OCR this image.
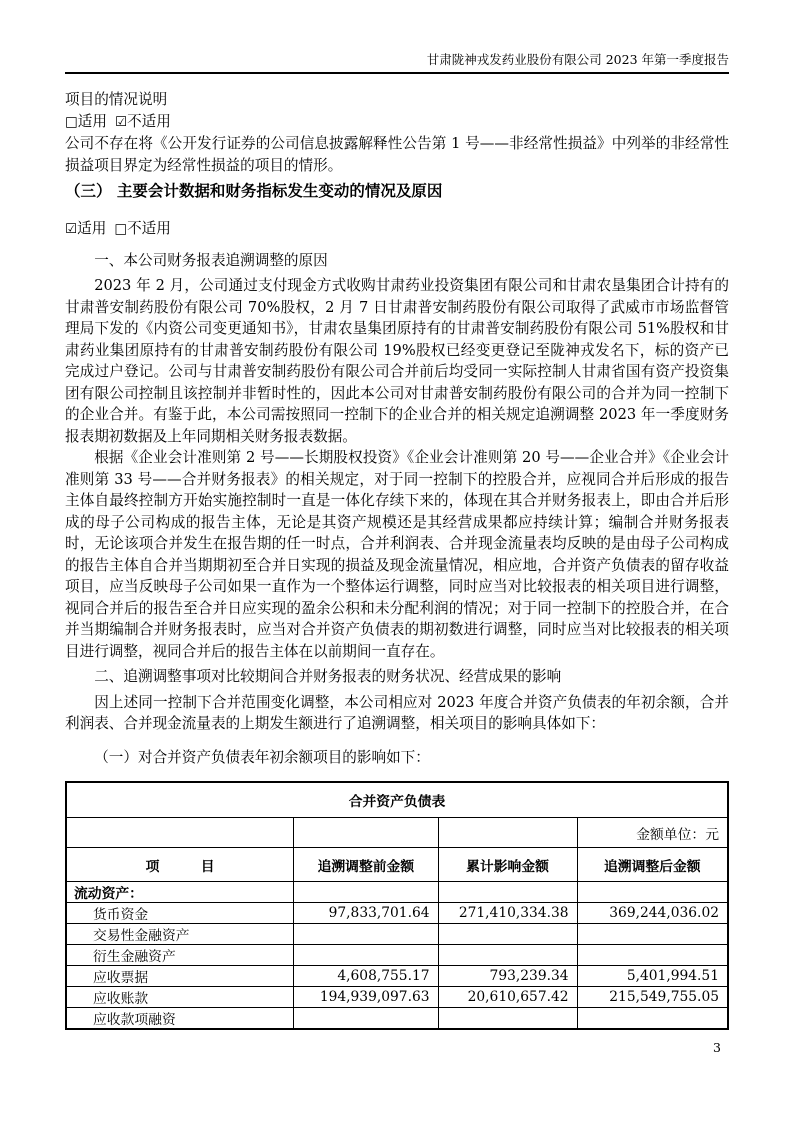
甘肃陇神戎发药业股份有限公司 2023 年第一季度报告
项目的情况说明
□适用 ☑不适用
公司不存在将《公开发行证券的公司信息披露解释性公告第 1 号——非经常性损益》中列举的非经常性损益项目界定为经常性损益的项目的情形。
（三） 主要会计数据和财务指标发生变动的情况及原因
☑适用 □不适用
一、本公司财务报表追溯调整的原因

2023 年 2 月，公司通过支付现金方式收购甘肃药业投资集团有限公司和甘肃农垦集团合计持有的甘肃普安制药股份有限公司 70%股权，2 月 7 日甘肃普安制药股份有限公司取得了武威市市场监督管理局下发的《内资公司变更通知书》，甘肃农垦集团原持有的甘肃普安制药股份有限公司 51%股权和甘肃药业集团原持有的甘肃普安制药股份有限公司 19%股权已经变更登记至陇神戎发名下，标的资产已完成过户登记。公司与甘肃普安制药股份有限公司合并前后均受同一实际控制人甘肃省国有资产投资集团有限公司控制且该控制并非暂时性的，因此本公司对甘肃普安制药股份有限公司的合并为同一控制下的企业合并。有鉴于此，本公司需按照同一控制下的企业合并的相关规定追溯调整 2023 年一季度财务报表期初数据及上年同期相关财务报表数据。

根据《企业会计准则第 2 号——长期股权投资》《企业会计准则第 20 号——企业合并》《企业会计准则第 33 号——合并财务报表》的相关规定，对于同一控制下的控股合并，应视同合并后形成的报告主体自最终控制方开始实施控制时一直是一体化存续下来的，体现在其合并财务报表上，即由合并后形成的母子公司构成的报告主体，无论是其资产规模还是其经营成果都应持续计算；编制合并财务报表时，无论该项合并发生在报告期的任一时点，合并利润表、合并现金流量表均反映的是由母子公司构成的报告主体自合并当期期初至合并日实现的损益及现金流量情况，相应地，合并资产负债表的留存收益项目，应当反映母子公司如果一直作为一个整体运行调整，同时应当对比较报表的相关项目进行调整，视同合并后的报告至合并日应实现的盈余公积和未分配利润的情况；对于同一控制下的控股合并，在合并当期编制合并财务报表时，应当对合并资产负债表的期初数进行调整，同时应当对比较报表的相关项目进行调整，视同合并后的报告主体在以前期间一直存在。

二、追溯调整事项对比较期间合并财务报表的财务状况、经营成果的影响

因上述同一控制下合并范围变化调整，本公司相应对 2023 年度合并资产负债表的年初余额，合并利润表、合并现金流量表的上期发生额进行了追溯调整，相关项目的影响具体如下：

（一）对合并资产负债表年初余额项目的影响如下：
合并资产负债表			
			金额单位：元
项　　　目	追溯调整前金额	累计影响金额	追溯调整后金额
流动资产：			
货币资金	97,833,701.64	271,410,334.38	369,244,036.02
交易性金融资产			
衍生金融资产			
应收票据	4,608,755.17	793,239.34	5,401,994.51
应收账款	194,939,097.63	20,610,657.42	215,549,755.05
应收款项融资			
3
